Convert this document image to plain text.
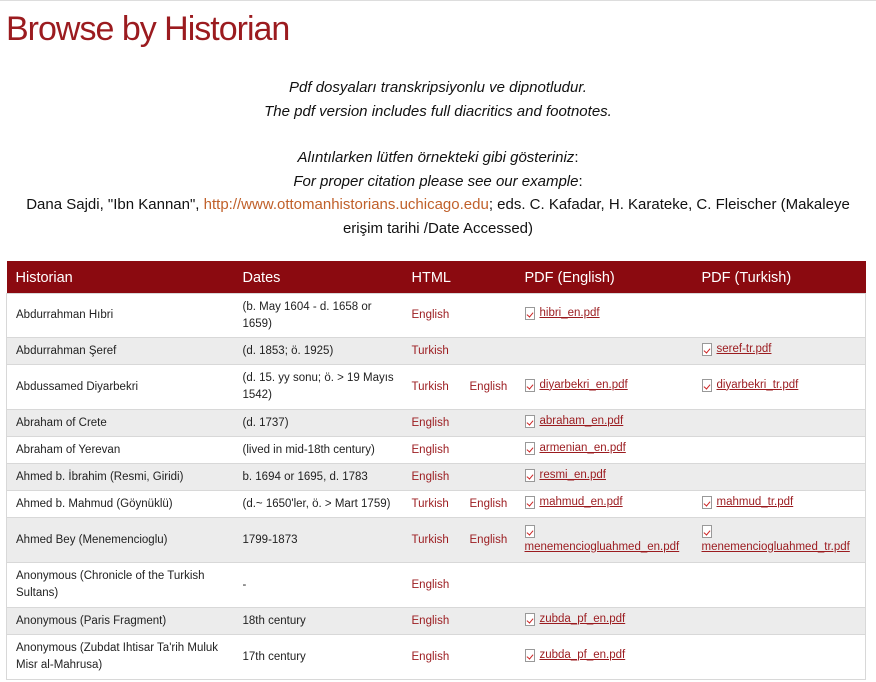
Browse by Historian
Pdf dosyaları transkripsiyonlu ve dipnotludur.
The pdf version includes full diacritics and footnotes.
Alıntılarken lütfen örnekteki gibi gösteriniz:
For proper citation please see our example:
Dana Sajdi, "Ibn Kannan", http://www.ottomanhistorians.uchicago.edu; eds. C. Kafadar, H. Karateke, C. Fleischer (Makaleye erişim tarihi /Date Accessed)
Historian	Dates	HTML	PDF (English)	PDF (Turkish)
Abdurrahman Hıbri	(b. May 1604 - d. 1658 or 1659)	English	hibri_en.pdf	

Abdurrahman Şeref	(d. 1853; ö. 1925)	Turkish		seref-tr.pdf

Abdussamed Diyarbekri	(d. 15. yy sonu; ö. > 19 Mayıs 1542)	Turkish English	diyarbekri_en.pdf	diyarbekri_tr.pdf

Abraham of Crete	(d. 1737)	English	abraham_en.pdf	

Abraham of Yerevan	(lived in mid-18th century)	English	armenian_en.pdf	

Ahmed b. İbrahim (Resmi, Giridi)	b. 1694 or 1695, d. 1783	English	resmi_en.pdf	

Ahmed b. Mahmud (Göynüklü)	(d.~ 1650'ler, ö. > Mart 1759)	Turkish English	mahmud_en.pdf	mahmud_tr.pdf

Ahmed Bey (Menemencioglu)	1799-1873	Turkish English	menemenciogluahmed_en.pdf	menemenciogluahmed_tr.pdf
Anonymous (Chronicle of the Turkish Sultans)	-	English		

Anonymous (Paris Fragment)	18th century	English	zubda_pf_en.pdf	

Anonymous (Zubdat Ihtisar Ta'rih Muluk Misr al-Mahrusa)	17th century	English	zubda_pf_en.pdf	
